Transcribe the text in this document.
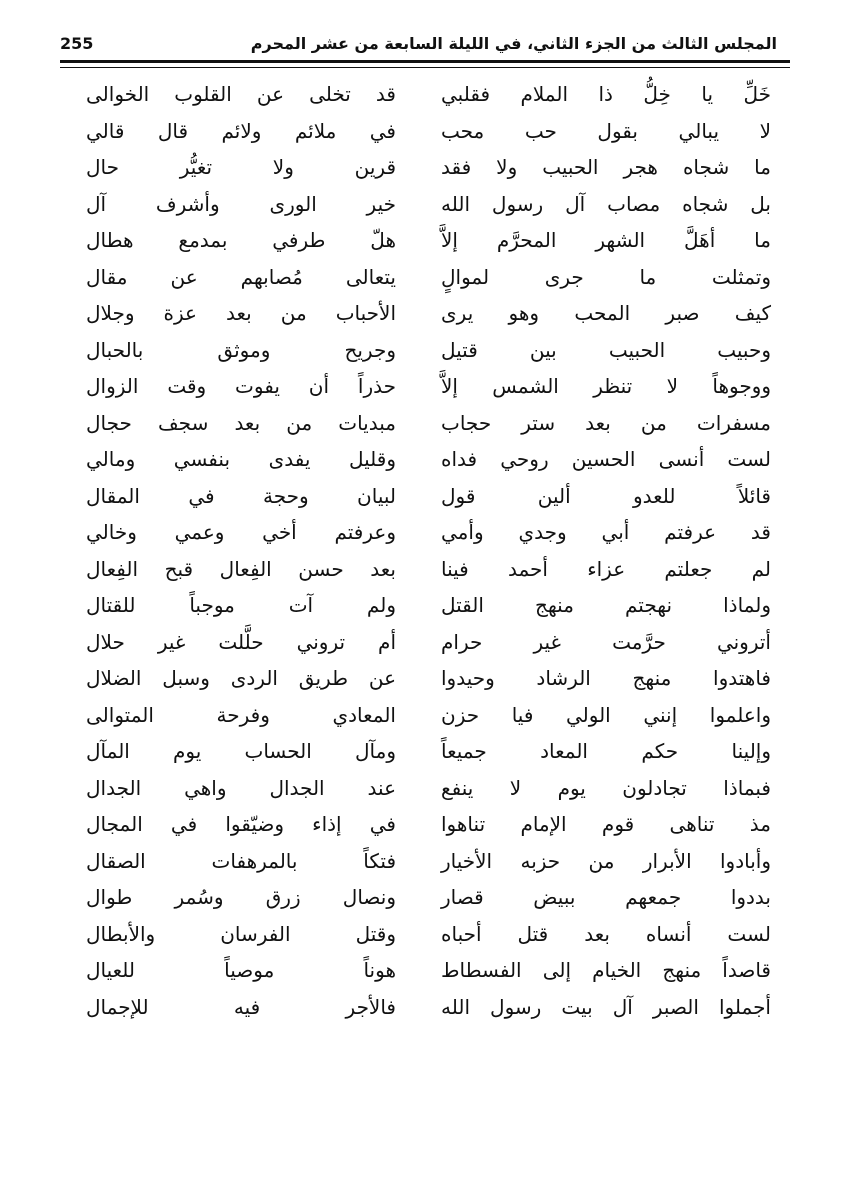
المجلس الثالث من الجزء الثاني، في الليلة السابعة من عشر المحرم
255
خَلِّ يا خِلُّ ذا الملام فقلبي
قد تخلى عن القلوب الخوالى
لا يبالي بقول حب محب
في ملائم ولائم قال قالي
ما شجاه هجر الحبيب ولا فقد
قرين ولا تغيُّر حال
بل شجاه مصاب آل رسول الله
خير الورى وأشرف آل
ما أهَلَّ الشهر المحرَّم إلاَّ
هلّ طرفي بمدمع هطال
وتمثلت ما جرى لموالٍ
يتعالى مُصابهم عن مقال
كيف صبر المحب وهو يرى
الأحباب من بعد عزة وجلال
وحبيب الحبيب بين قتيل
وجريح وموثق بالحبال
ووجوهاً لا تنظر الشمس إلاَّ
حذراً أن يفوت وقت الزوال
مسفرات من بعد ستر حجاب
مبديات من بعد سجف حجال
لست أنسى الحسين روحي فداه
وقليل يفدى بنفسي ومالي
قائلاً للعدو ألين قول
لبيان وحجة في المقال
قد عرفتم أبي وجدي وأمي
وعرفتم أخي وعمي وخالي
لم جعلتم عزاء أحمد فينا
بعد حسن الفِعال قبح الفِعال
ولماذا نهجتم منهج القتل
ولم آت موجباً للقتال
أتروني حرَّمت غير حرام
أم تروني حلَّلت غير حلال
فاهتدوا منهج الرشاد وحيدوا
عن طريق الردى وسبل الضلال
واعلموا إنني الولي فيا حزن
المعادي وفرحة المتوالى
وإلينا حكم المعاد جميعاً
ومآل الحساب يوم المآل
فبماذا تجادلون يوم لا ينفع
عند الجدال واهي الجدال
مذ تناهى قوم الإمام تناهوا
في إذاء وضيّقوا في المجال
وأبادوا الأبرار من حزبه الأخيار
فتكاً بالمرهفات الصقال
بددوا جمعهم ببيض قصار
ونصال زرق وسُمر طوال
لست أنساه بعد قتل أحباه
وقتل الفرسان والأبطال
قاصداً منهج الخيام إلى الفسطاط
هوناً موصياً للعيال
أجملوا الصبر آل بيت رسول الله
فالأجر فيه للإجمال
